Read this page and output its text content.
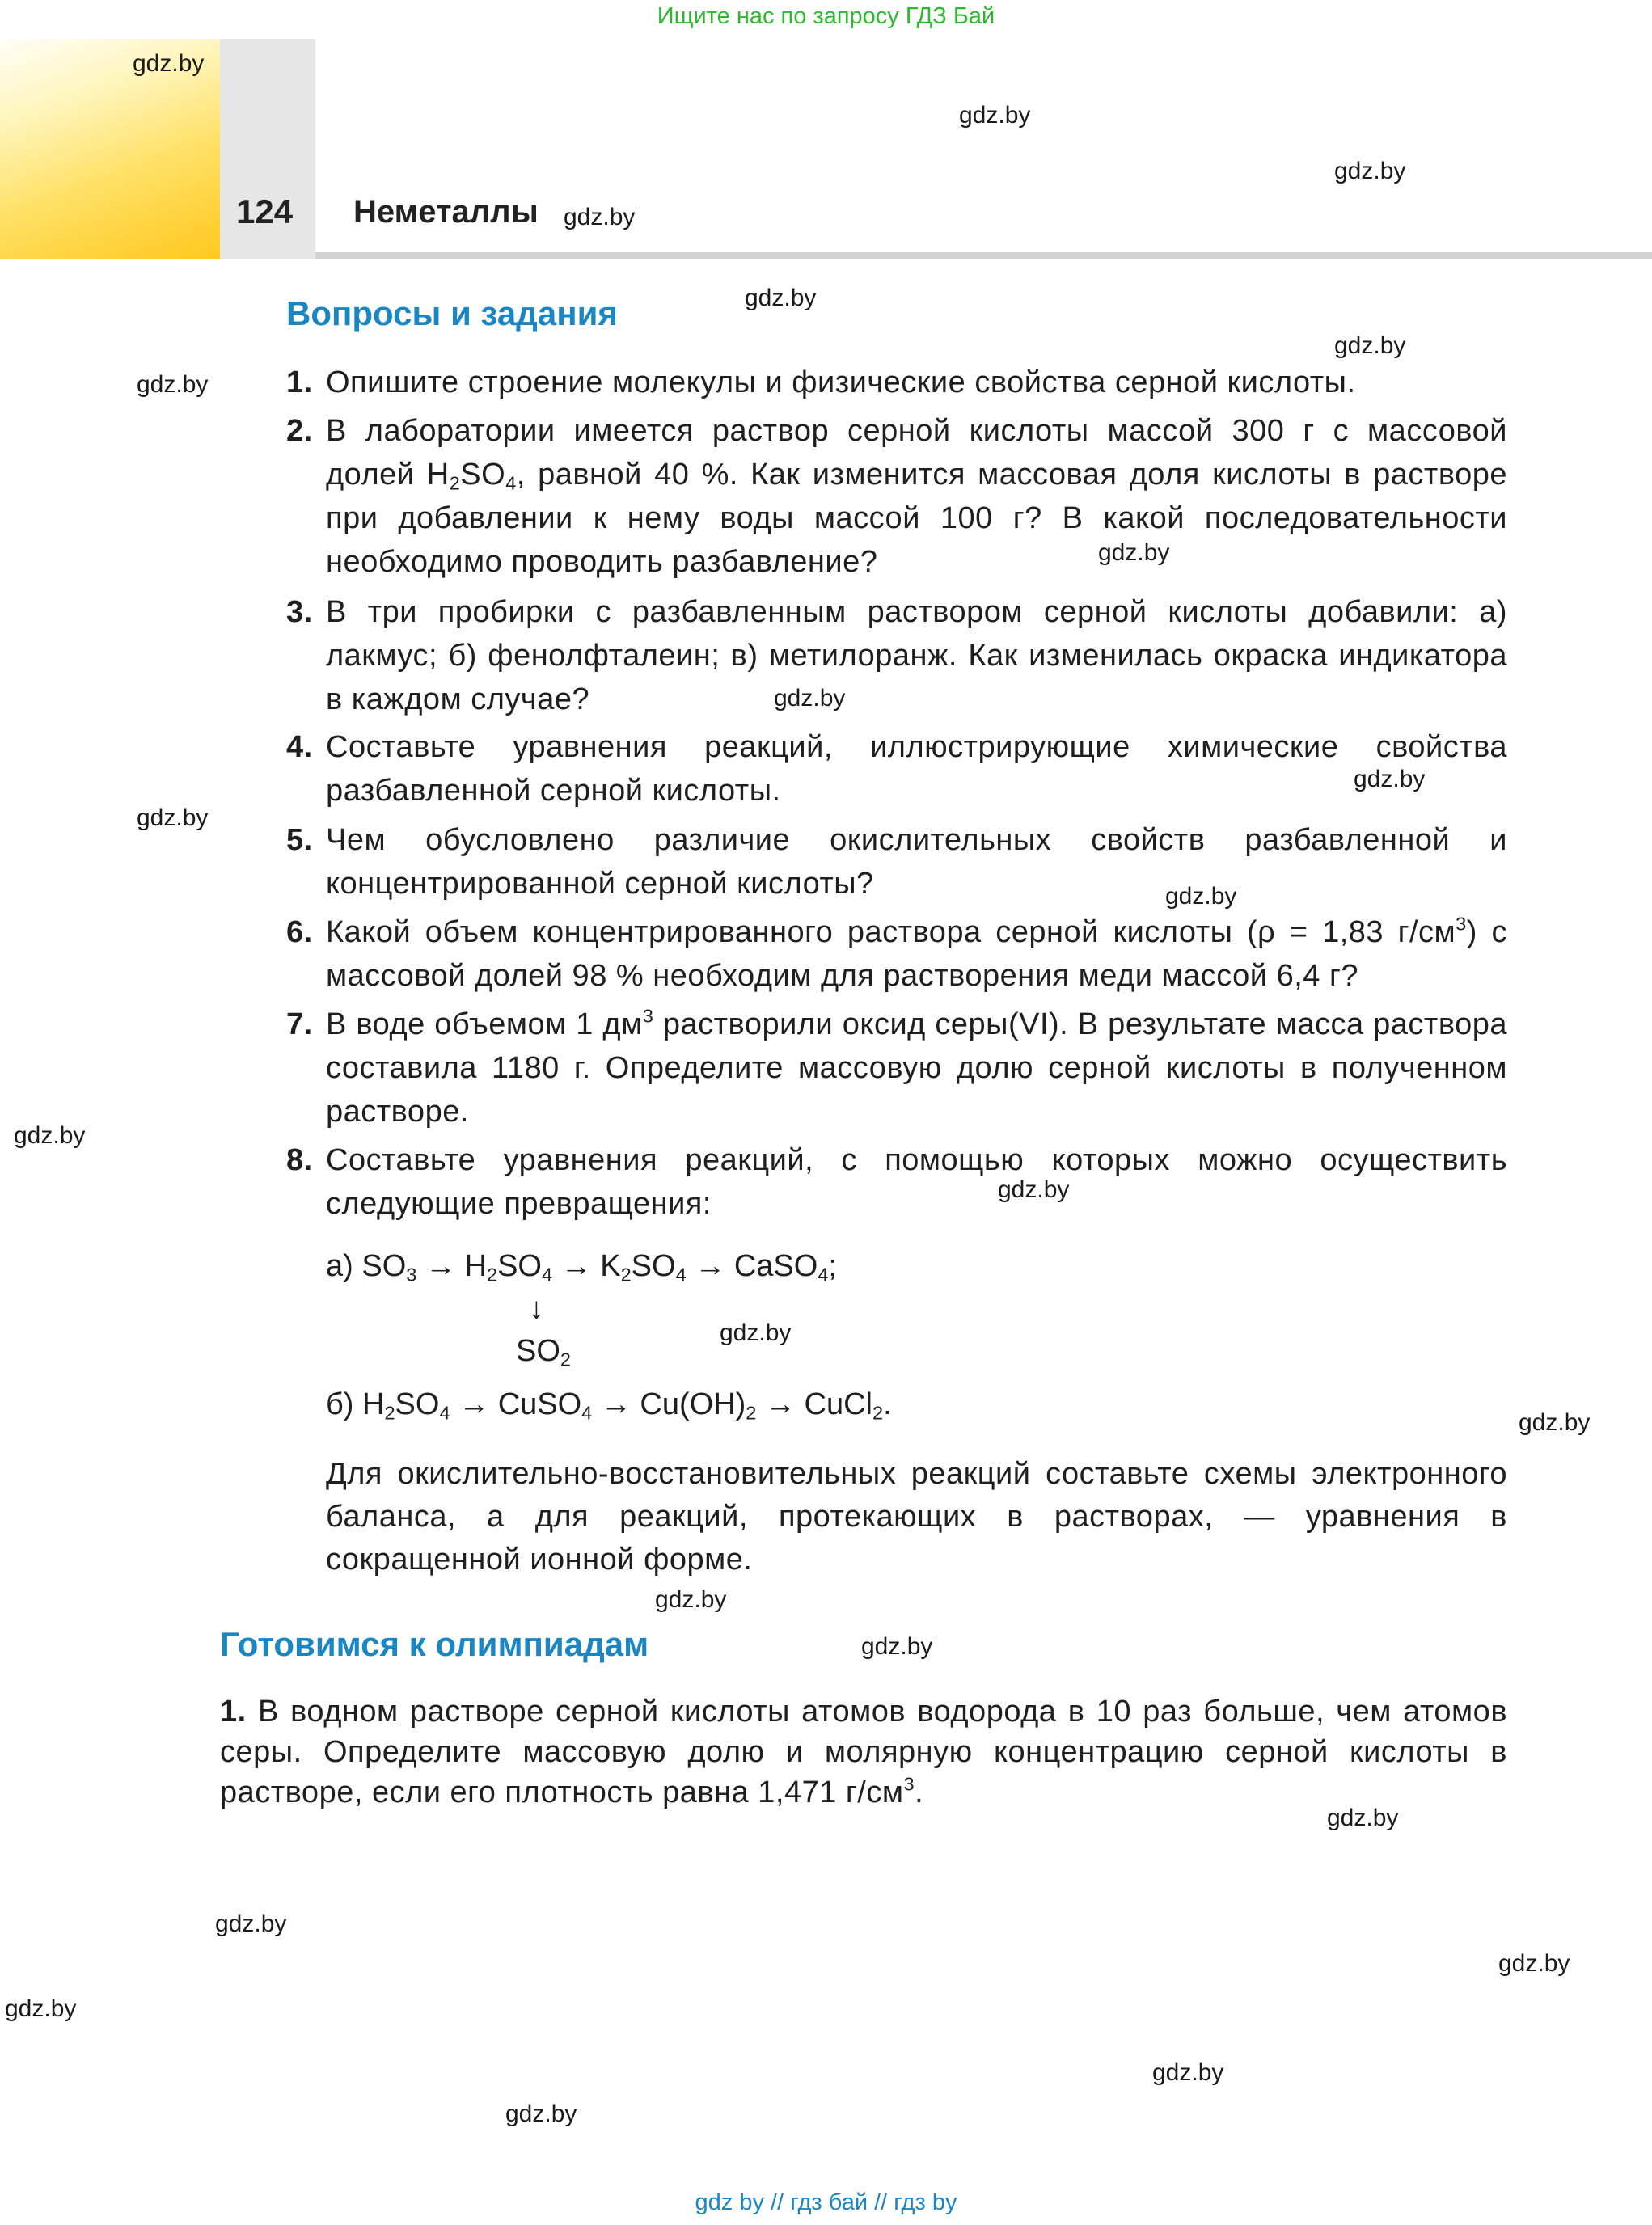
Ищите нас по запросу ГДЗ Бай
124 Неметаллы
gdz.by
gdz.by
gdz.by
gdz.by
gdz.by
gdz.by
gdz.by
gdz.by
gdz.by
gdz.by
gdz.by
gdz.by
gdz.by
gdz.by
gdz.by
gdz.by
gdz.by
gdz.by
gdz.by
gdz.by
gdz.by
gdz.by
gdz.by
gdz.by
Вопросы и задания
1. Опишите строение молекулы и физические свойства серной кислоты.
2. В лаборатории имеется раствор серной кислоты массой 300 г с массовой долей $H_2SO_4$, равной 40 %. Как изменится массовая доля кислоты в растворе при добавлении к нему воды массой 100 г? В какой последовательности необходимо проводить разбавление?
3. В три пробирки с разбавленным раствором серной кислоты добавили: а) лакмус; б) фенолфталеин; в) метилоранж. Как изменилась окраска индикатора в каждом случае?
4. Составьте уравнения реакций, иллюстрирующие химические свойства разбавленной серной кислоты.
5. Чем обусловлено различие окислительных свойств разбавленной и концентрированной серной кислоты?
6. Какой объем концентрированного раствора серной кислоты (ρ = 1,83 $г/см^3$) с массовой долей 98 % необходим для растворения меди массой 6,4 г?
7. В воде объемом 1 $дм^3$ растворили оксид серы(VI). В результате масса раствора составила 1180 г. Определите массовую долю серной кислоты в полученном растворе.
8. Составьте уравнения реакций, с помощью которых можно осуществить следующие превращения:
а) $SO_3 \to H_2SO_4 \to K_2SO_4$ → CaSO$_4$;
↓
$SO_2$
б) $H_2SO_4$ → CuSO$_4$ → $Cu(OH)_2$ → CuCl$_2$.
Для окислительно-восстановительных реакций составьте схемы электронного баланса, а для реакций, протекающих в растворах, — уравнения в сокращенной ионной форме.
Готовимся к олимпиадам
1. В водном растворе серной кислоты атомов водорода в 10 раз больше, чем атомов серы. Определите массовую долю и молярную концентрацию серной кислоты в растворе, если его плотность равна 1,471 $г/см^3$.
gdz by // гдз бай // гдз by
